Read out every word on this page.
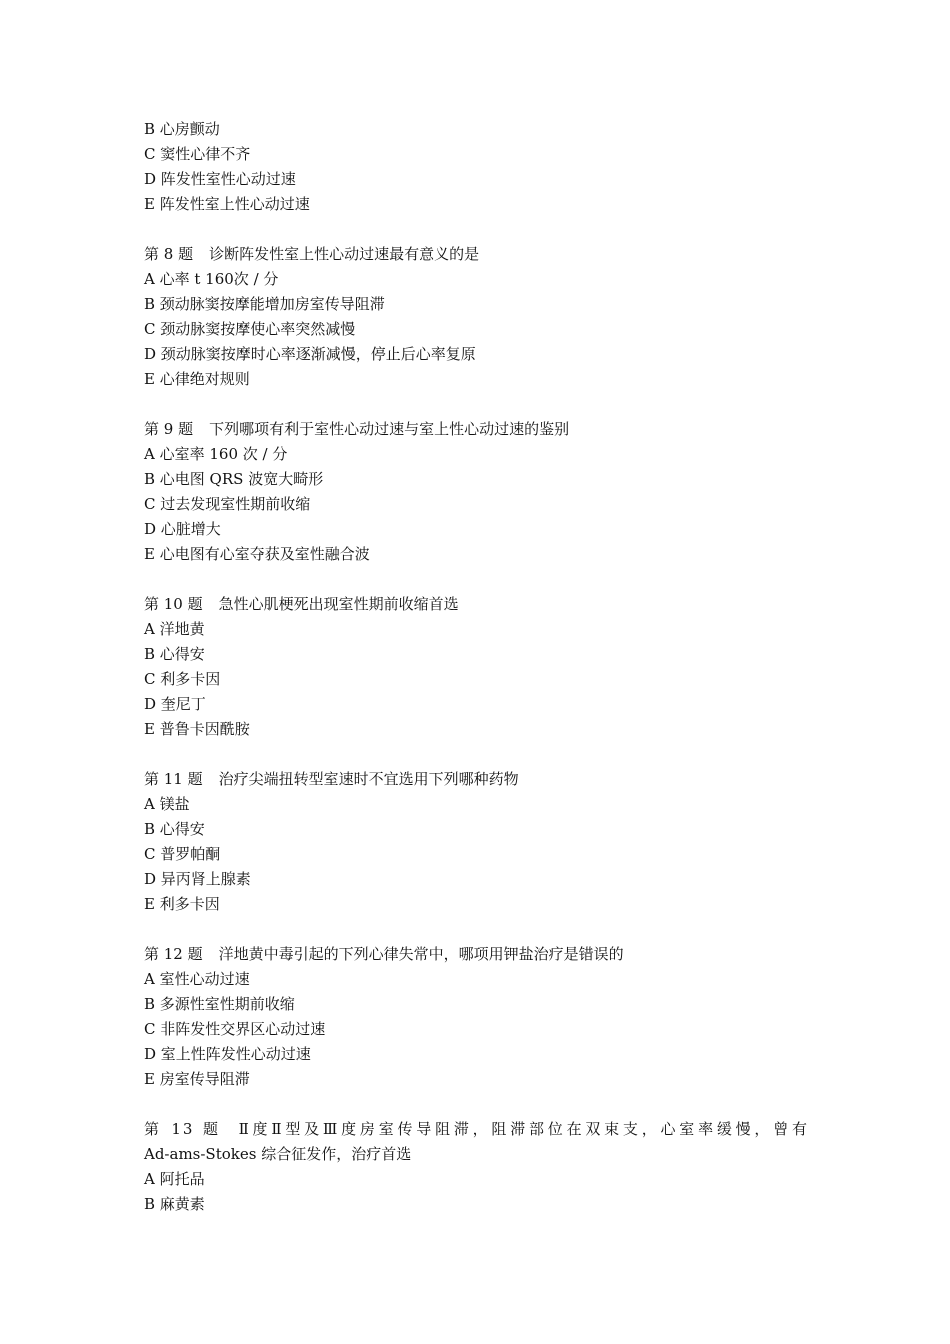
B 心房颤动
C 窦性心律不齐
D 阵发性室性心动过速
E 阵发性室上性心动过速
第 8 题 诊断阵发性室上性心动过速最有意义的是
A 心率 t 160次 / 分
B 颈动脉窦按摩能增加房室传导阻滞
C 颈动脉窦按摩使心率突然减慢
D 颈动脉窦按摩时心率逐渐减慢，停止后心率复原
E 心律绝对规则
第 9 题 下列哪项有利于室性心动过速与室上性心动过速的鉴别
A 心室率 160 次 / 分
B 心电图 QRS 波宽大畸形
C 过去发现室性期前收缩
D 心脏增大
E 心电图有心室夺获及室性融合波
第 10 题 急性心肌梗死出现室性期前收缩首选
A 洋地黄
B 心得安
C 利多卡因
D 奎尼丁
E 普鲁卡因酰胺
第 11 题 治疗尖端扭转型室速时不宜选用下列哪种药物
A 镁盐
B 心得安
C 普罗帕酮
D 异丙肾上腺素
E 利多卡因
第 12 题 洋地黄中毒引起的下列心律失常中，哪项用钾盐治疗是错误的
A 室性心动过速
B 多源性室性期前收缩
C 非阵发性交界区心动过速
D 室上性阵发性心动过速
E 房室传导阻滞
第 13 题　 Ⅱ度Ⅱ型及Ⅲ度房室传导阻滞，阻滞部位在双束支，心室率缓慢，曾有
Ad-ams-Stokes 综合征发作，治疗首选
A 阿托品
B 麻黄素
